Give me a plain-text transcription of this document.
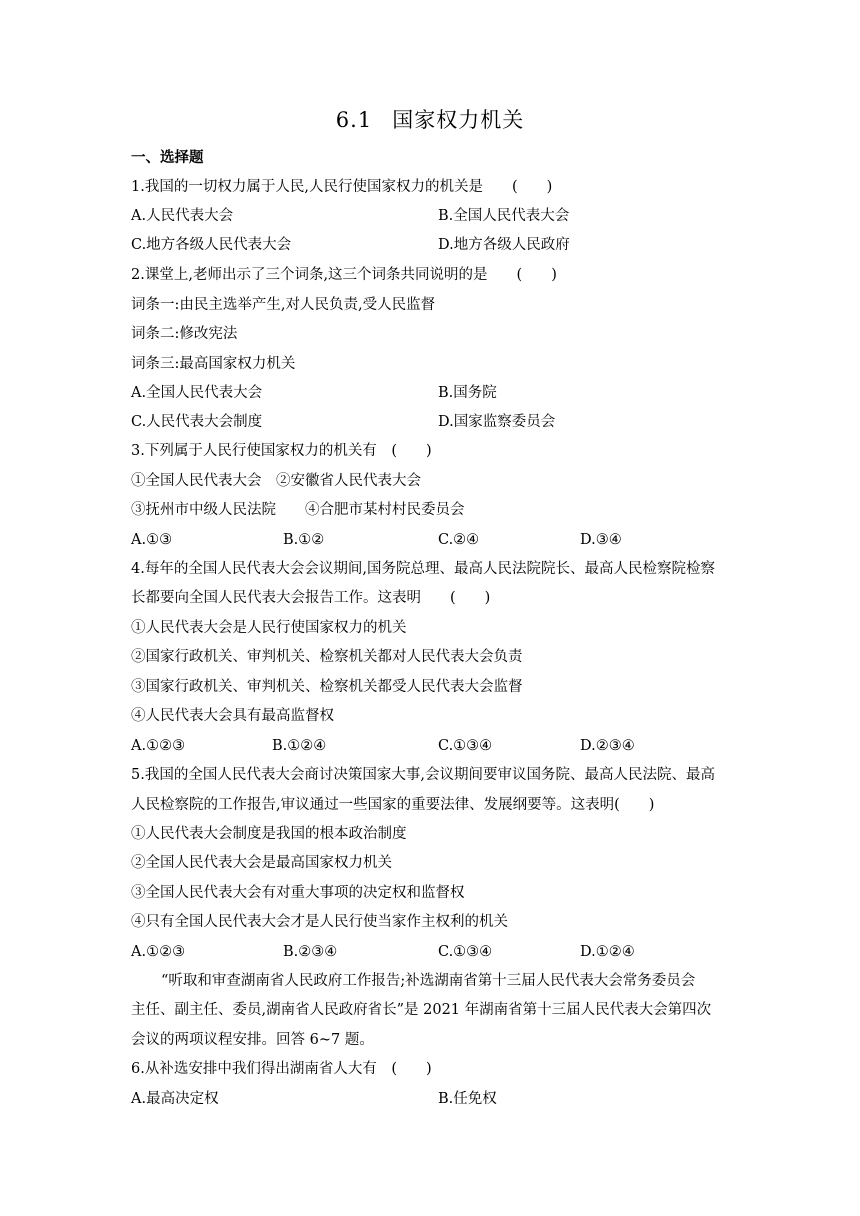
6.1 国家权力机关
一、选择题
1.我国的一切权力属于人民,人民行使国家权力的机关是　　(　　)
A.人民代表大会	B.全国人民代表大会
C.地方各级人民代表大会	D.地方各级人民政府
2.课堂上,老师出示了三个词条,这三个词条共同说明的是　　(　　)
词条一:由民主选举产生,对人民负责,受人民监督
词条二:修改宪法
词条三:最高国家权力机关
A.全国人民代表大会	B.国务院
C.人民代表大会制度	D.国家监察委员会
3.下列属于人民行使国家权力的机关有　(　　)
①全国人民代表大会　②安徽省人民代表大会
③抚州市中级人民法院　　④合肥市某村村民委员会
A.①③	B.①②	C.②④	D.③④
4.每年的全国人民代表大会会议期间,国务院总理、最高人民法院院长、最高人民检察院检察
长都要向全国人民代表大会报告工作。这表明　　(　　)
①人民代表大会是人民行使国家权力的机关
②国家行政机关、审判机关、检察机关都对人民代表大会负责
③国家行政机关、审判机关、检察机关都受人民代表大会监督
④人民代表大会具有最高监督权
A.①②③	B.①②④	C.①③④	D.②③④
5.我国的全国人民代表大会商讨决策国家大事,会议期间要审议国务院、最高人民法院、最高
人民检察院的工作报告,审议通过一些国家的重要法律、发展纲要等。这表明(　　)
①人民代表大会制度是我国的根本政治制度
②全国人民代表大会是最高国家权力机关
③全国人民代表大会有对重大事项的决定权和监督权
④只有全国人民代表大会才是人民行使当家作主权利的机关
A.①②③	B.②③④	C.①③④	D.①②④
“听取和审查湖南省人民政府工作报告;补选湖南省第十三届人民代表大会常务委员会
主任、副主任、委员,湖南省人民政府省长”是 2021 年湖南省第十三届人民代表大会第四次
会议的两项议程安排。回答 6~7 题。
6.从补选安排中我们得出湖南省人大有　(　　)
A.最高决定权	B.任免权
